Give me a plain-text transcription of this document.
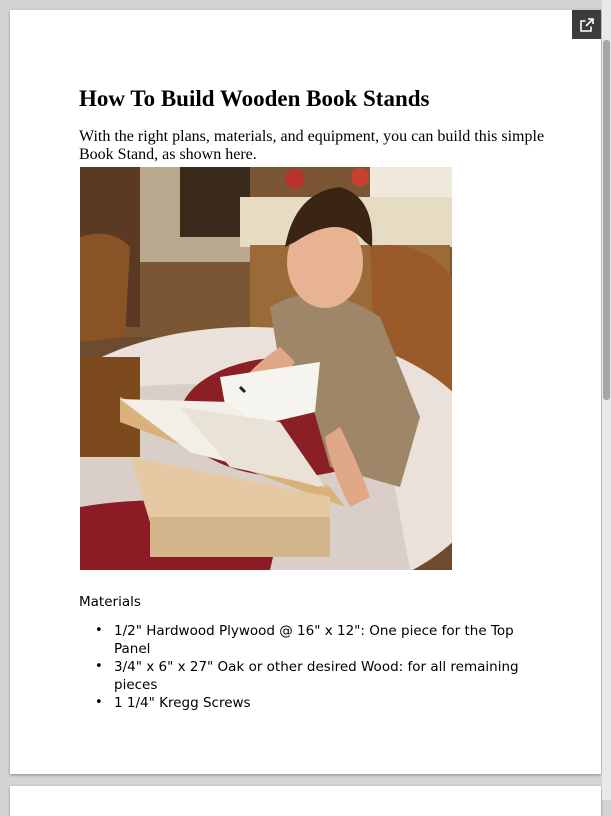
How To Build Wooden Book Stands

With the right plans, materials, and equipment, you can build this simple Book Stand, as shown here.

Materials

• 1/2" Hardwood Plywood @ 16" x 12": One piece for the Top Panel
• 3/4" x 6" x 27" Oak or other desired Wood: for all remaining pieces
• 1 1/4" Kregg Screws
